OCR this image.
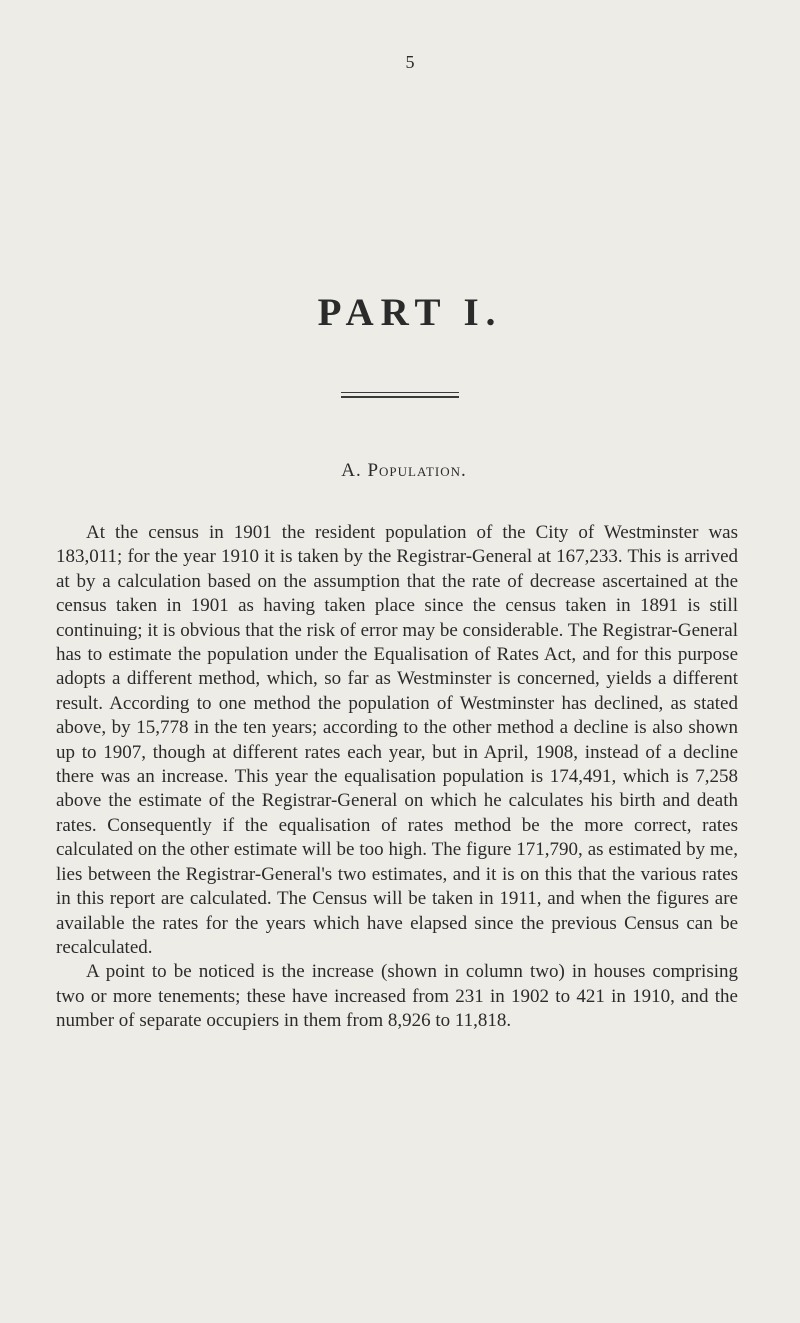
5
PART I.
A. Population.

At the census in 1901 the resident population of the City of Westminster was 183,011; for the year 1910 it is taken by the Registrar-General at 167,233. This is arrived at by a calculation based on the assumption that the rate of decrease ascertained at the census taken in 1901 as having taken place since the census taken in 1891 is still continuing; it is obvious that the risk of error may be considerable. The Registrar-General has to estimate the population under the Equalisation of Rates Act, and for this purpose adopts a different method, which, so far as Westminster is concerned, yields a different result. According to one method the population of Westminster has declined, as stated above, by 15,778 in the ten years; according to the other method a decline is also shown up to 1907, though at different rates each year, but in April, 1908, instead of a decline there was an increase. This year the equalisation population is 174,491, which is 7,258 above the estimate of the Registrar-General on which he calculates his birth and death rates. Consequently if the equalisation of rates method be the more correct, rates calculated on the other estimate will be too high. The figure 171,790, as estimated by me, lies between the Registrar-General's two estimates, and it is on this that the various rates in this report are calculated. The Census will be taken in 1911, and when the figures are available the rates for the years which have elapsed since the previous Census can be recalculated.

A point to be noticed is the increase (shown in column two) in houses comprising two or more tenements; these have increased from 231 in 1902 to 421 in 1910, and the number of separate occupiers in them from 8,926 to 11,818.
